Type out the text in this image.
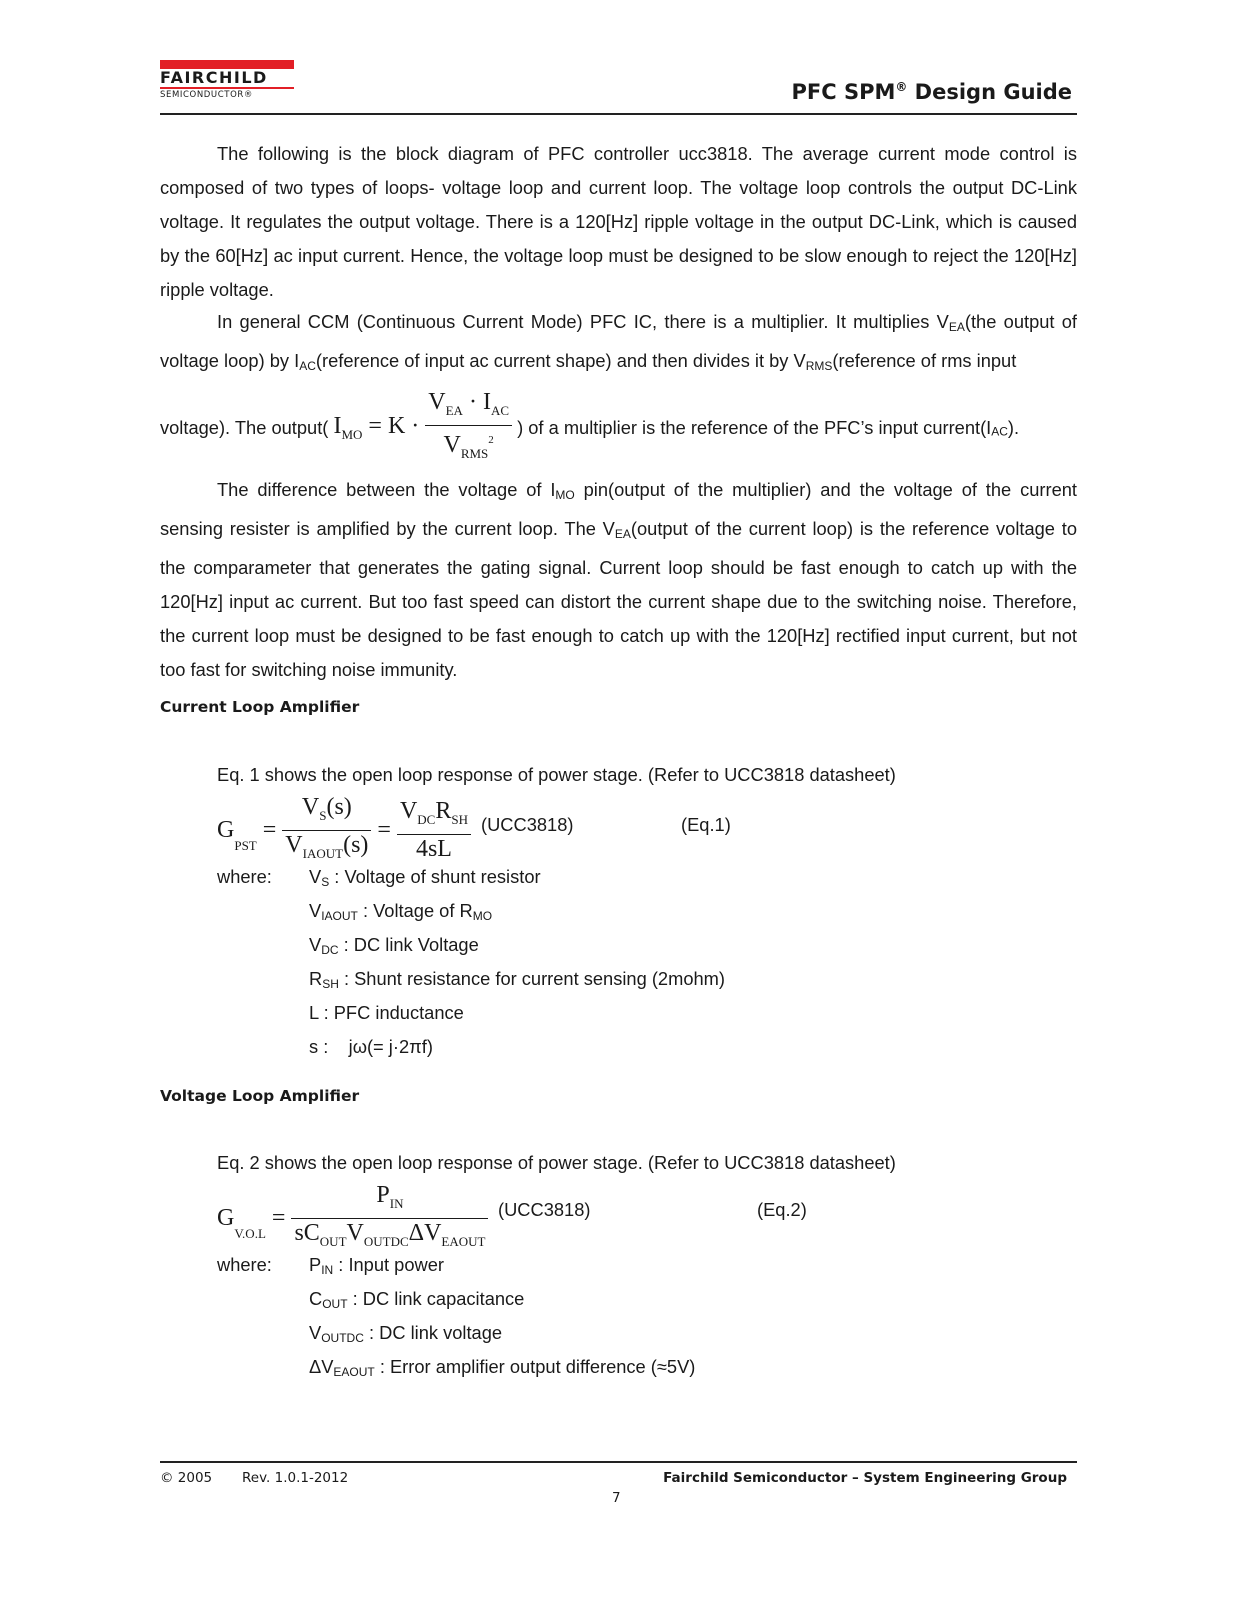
FAIRCHILD
SEMICONDUCTOR®	PFC SPM® Design Guide
The following is the block diagram of PFC controller ucc3818. The average current mode control is composed of two types of loops- voltage loop and current loop. The voltage loop controls the output DC-Link voltage. It regulates the output voltage. There is a 120[Hz] ripple voltage in the output DC-Link, which is caused by the 60[Hz] ac input current. Hence, the voltage loop must be designed to be slow enough to reject the 120[Hz] ripple voltage.
In general CCM (Continuous Current Mode) PFC IC, there is a multiplier. It multiplies $V_{EA}(the$ output of voltage loop) by $I_{AC}(reference$ of input ac current shape) and then divides it by $V_{RMS}(reference$ of rms input
voltage). The output( $I_{MO} = K \cdot \frac{V_{EA} \cdot I_{AC}}{V_{RMS}^2}$ ) of a multiplier is the reference of the PFC’s input $current(I_{AC})$.
The difference between the voltage of $I_{MO}$ pin(output of the multiplier) and the voltage of the current sensing resister is amplified by the current loop. The $V_{EA}(output$ of the current loop) is the reference voltage to the comparameter that generates the gating signal. Current loop should be fast enough to catch up with the 120[Hz] input ac current. But too fast speed can distort the current shape due to the switching noise. Therefore, the current loop must be designed to be fast enough to catch up with the 120[Hz] rectified input current, but not too fast for switching noise immunity.
Current Loop Amplifier
Eq. 1 shows the open loop response of power stage. (Refer to UCC3818 datasheet)
$G_{PST} = \frac{V_S(s)}{V_{IAOUT}(s)} = \frac{V_{DC}R_{SH}}{4sL} (UCC3818)$	(Eq.1)
where: $V_S$ : Voltage of shunt resistor
$V_{IAOUT}$ : Voltage of $R_{MO}$
$V_{DC}$ : DC link Voltage
$R_{SH}$ : Shunt resistance for current sensing (2mohm)
L : PFC inductance
s :    jω(= j·2πf)
Voltage Loop Amplifier
Eq. 2 shows the open loop response of power stage. (Refer to UCC3818 datasheet)
$G_{V.O.L} = \frac{P_{IN}}{sC_{OUT}V_{OUTDC}\Delta V_{EAOUT}} (UCC3818)$	(Eq.2)
where: $P_{IN}$ : Input power
$C_{OUT}$ : DC link capacitance
$V_{OUTDC}$ : DC link voltage
$\Delta V_{EAOUT}$ : Error amplifier output difference (≈5V)
© 2005 Rev. 1.0.1-2012	Fairchild Semiconductor – System Engineering Group
7
